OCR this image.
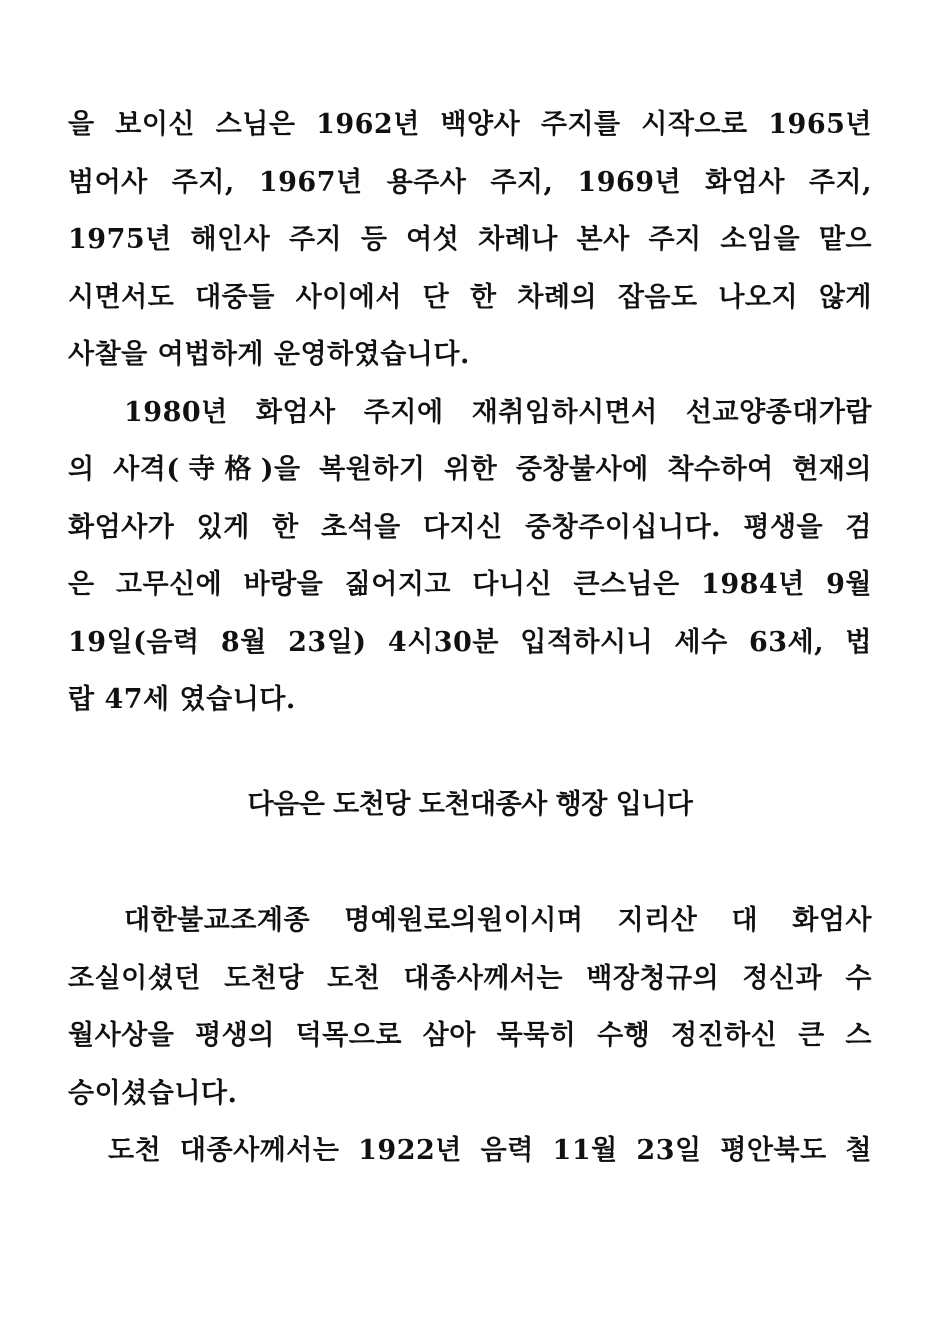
을 보이신 스님은 1962년 백양사 주지를 시작으로 1965년
범어사 주지, 1967년 용주사 주지, 1969년 화엄사 주지,
1975년 해인사 주지 등 여섯 차례나 본사 주지 소임을 맡으
시면서도 대중들 사이에서 단 한 차례의 잡음도 나오지 않게
사찰을 여법하게 운영하였습니다.
1980년 화엄사 주지에 재취임하시면서 선교양종대가람
의 사격(寺格)을 복원하기 위한 중창불사에 착수하여 현재의
화엄사가 있게 한 초석을 다지신 중창주이십니다. 평생을 검
은 고무신에 바랑을 짊어지고 다니신 큰스님은 1984년 9월
19일(음력 8월 23일) 4시30분 입적하시니 세수 63세, 법
랍 47세 였습니다.
다음은 도천당 도천대종사 행장 입니다
대한불교조계종 명예원로의원이시며 지리산 대 화엄사
조실이셨던 도천당 도천 대종사께서는 백장청규의 정신과 수
월사상을 평생의 덕목으로 삼아 묵묵히 수행 정진하신 큰 스
승이셨습니다.
도천 대종사께서는 1922년 음력 11월 23일 평안북도 철
